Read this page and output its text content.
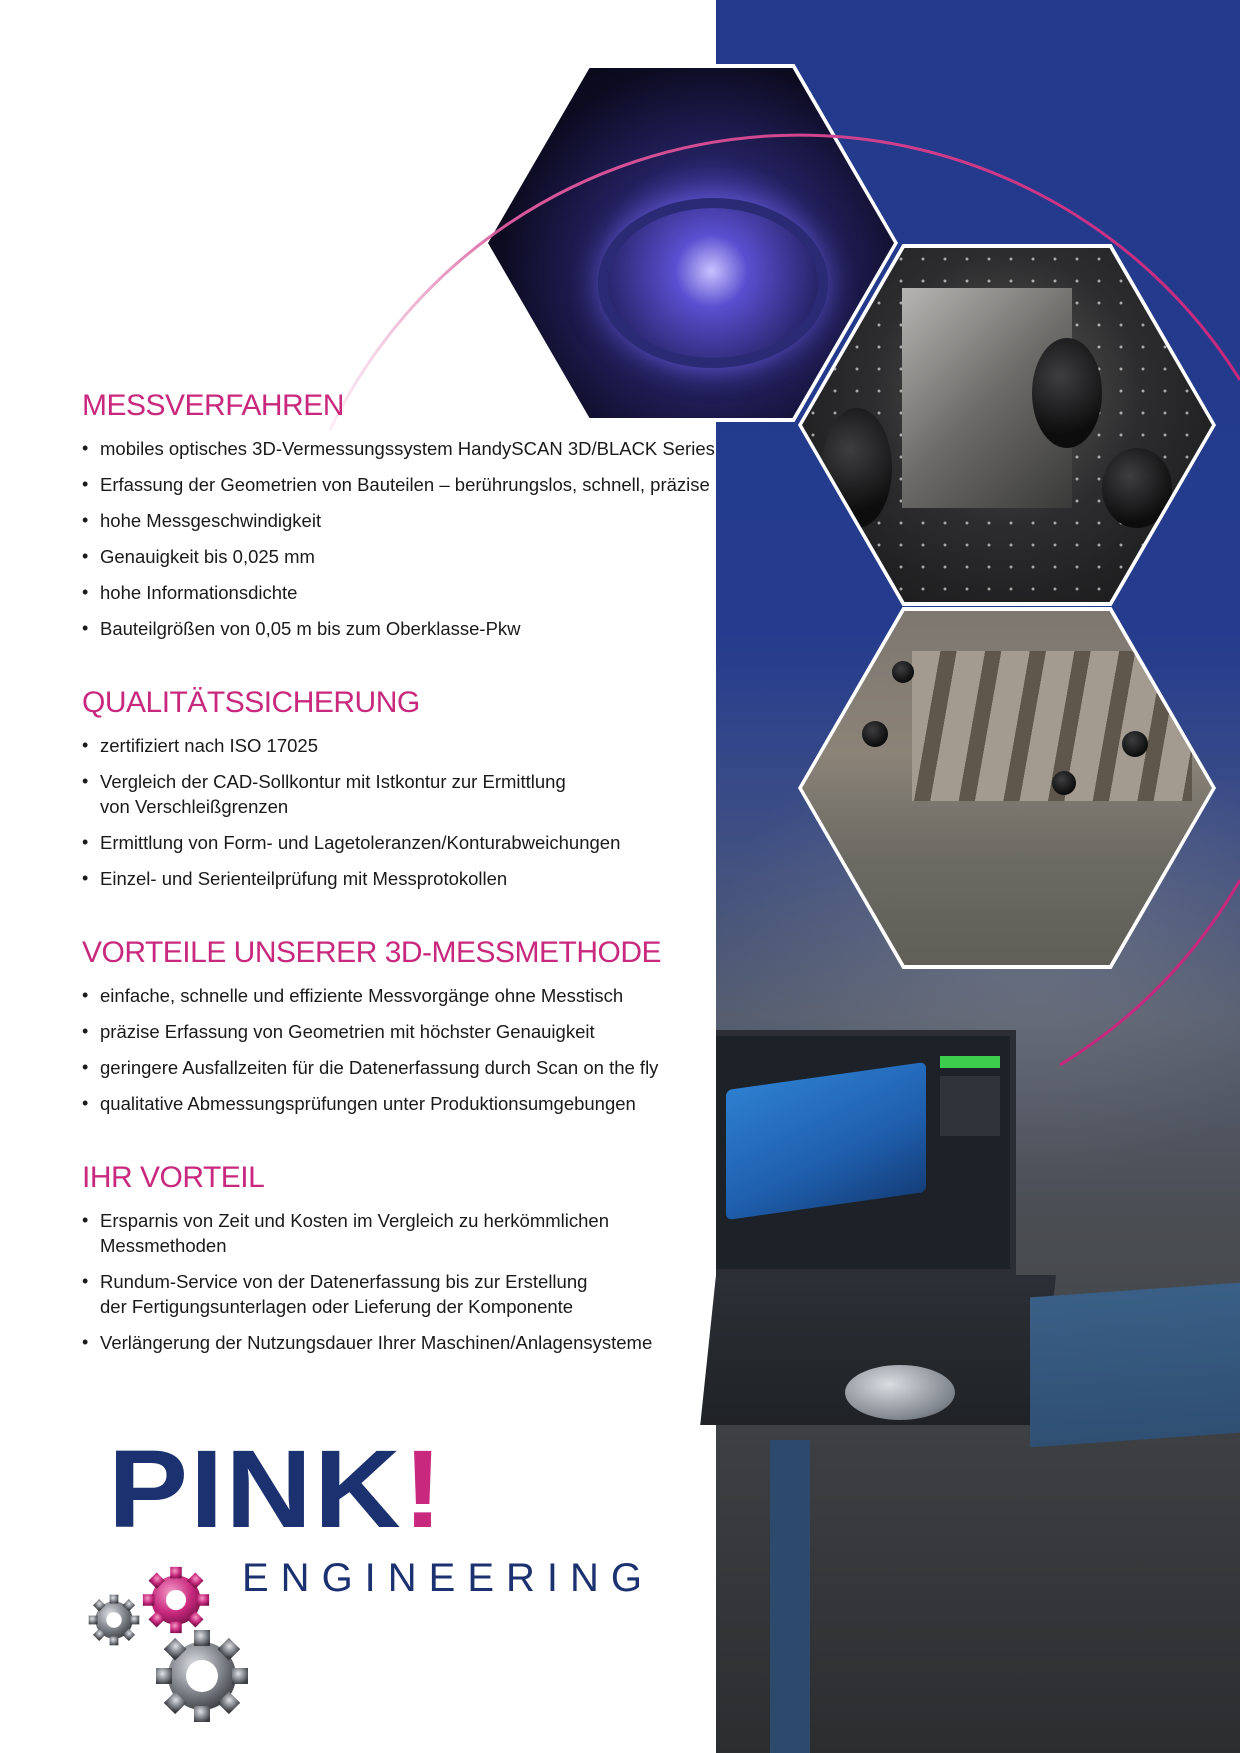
MESSVERFAHREN
• mobiles optisches 3D-Vermessungssystem HandySCAN 3D/BLACK Series
• Erfassung der Geometrien von Bauteilen – berührungslos, schnell, präzise
• hohe Messgeschwindigkeit
• Genauigkeit bis 0,025 mm
• hohe Informationsdichte
• Bauteilgrößen von 0,05 m bis zum Oberklasse-Pkw
QUALITÄTSSICHERUNG
• zertifiziert nach ISO 17025
• Vergleich der CAD-Sollkontur mit Istkontur zur Ermittlung von Verschleißgrenzen
• Ermittlung von Form- und Lagetoleranzen/Konturabweichungen
• Einzel- und Serienteilprüfung mit Messprotokollen
VORTEILE UNSERER 3D-MESSMETHODE
• einfache, schnelle und effiziente Messvorgänge ohne Messtisch
• präzise Erfassung von Geometrien mit höchster Genauigkeit
• geringere Ausfallzeiten für die Datenerfassung durch Scan on the fly
• qualitative Abmessungsprüfungen unter Produktionsumgebungen
IHR VORTEIL
• Ersparnis von Zeit und Kosten im Vergleich zu herkömmlichen Messmethoden
• Rundum-Service von der Datenerfassung bis zur Erstellung der Fertigungsunterlagen oder Lieferung der Komponente
• Verlängerung der Nutzungsdauer Ihrer Maschinen/Anlagensysteme
PINK!
ENGINEERING
